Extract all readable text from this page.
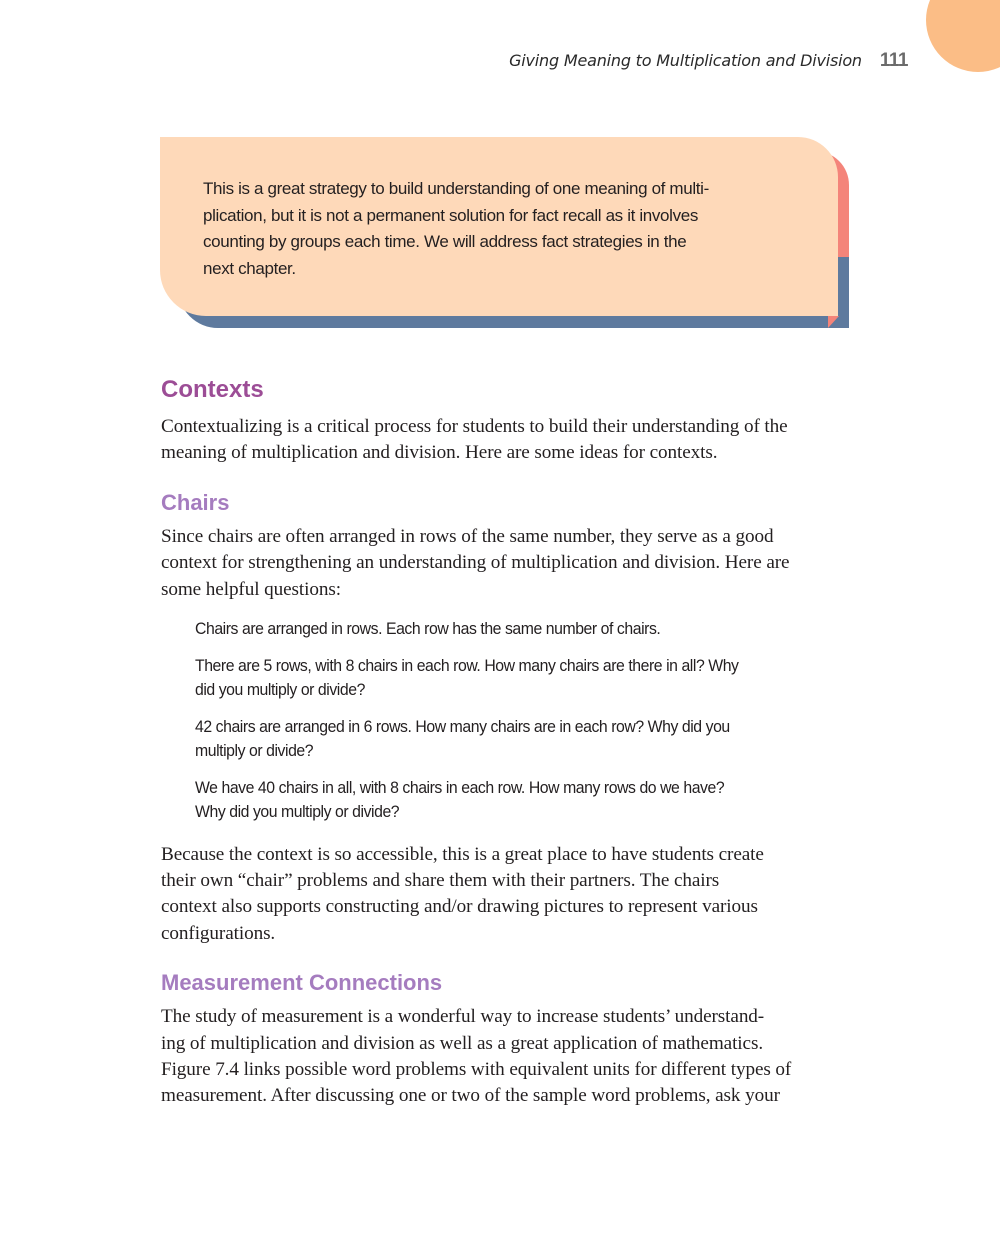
Giving Meaning to Multiplication and Division 111

This is a great strategy to build understanding of one meaning of multi-
plication, but it is not a permanent solution for fact recall as it involves
counting by groups each time. We will address fact strategies in the
next chapter.

Contexts

Contextualizing is a critical process for students to build their understanding of the
meaning of multiplication and division. Here are some ideas for contexts.

Chairs

Since chairs are often arranged in rows of the same number, they serve as a good
context for strengthening an understanding of multiplication and division. Here are
some helpful questions:

Chairs are arranged in rows. Each row has the same number of chairs.
There are 5 rows, with 8 chairs in each row. How many chairs are there in all? Why
did you multiply or divide?
42 chairs are arranged in 6 rows. How many chairs are in each row? Why did you
multiply or divide?
We have 40 chairs in all, with 8 chairs in each row. How many rows do we have?
Why did you multiply or divide?

Because the context is so accessible, this is a great place to have students create
their own “chair” problems and share them with their partners. The chairs
context also supports constructing and/or drawing pictures to represent various
configurations.

Measurement Connections

The study of measurement is a wonderful way to increase students’ understand-
ing of multiplication and division as well as a great application of mathematics.
Figure 7.4 links possible word problems with equivalent units for different types of
measurement. After discussing one or two of the sample word problems, ask your
